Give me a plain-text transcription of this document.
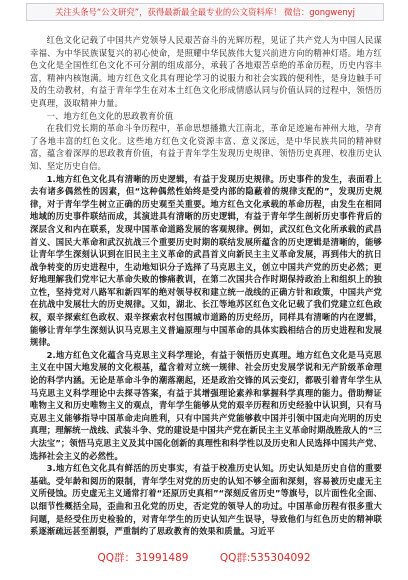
关注头条号“公文研究”，获得最新最全最专业的公文资料库！ 微信：gongwenyj

红色文化记载了中国共产党领导人民艰苦奋斗的光辉历程，见证了共产党人为中国人民谋幸福、为中华民族谋复兴的初心使命，是照耀中华民族伟大复兴前进方向的精神灯塔。地方红色文化是全国性红色文化不可分割的组成部分，承载了各地艰苦卓绝的革命历程，历史内容丰富，精神内核饱满。地方红色文化具有理论学习的说服力和社会实践的便利性，是身边触手可及的生动教材，有益于青年学生在对本土红色文化形成情感认同与价值认同的过程中，领悟历史真理，汲取精神力量。

一、地方红色文化的思政教育价值

在我们党长期的革命斗争历程中，革命思想播撒大江南北，革命足迹遍布神州大地，孕育了各地丰富的红色文化。这些地方红色文化资源丰富、意义深远，是中华民族共同的精神财富，蕴含着深厚的思政教育价值，有益于青年学生发现历史规律、领悟历史真理、校准历史认知、坚定历史自信。

1.地方红色文化具有清晰的历史逻辑，有益于发现历史规律。历史事件的发生，表面看上去有诸多偶然性的因素，但“这种偶然性始终是受内部的隐蔽着的规律支配的”，发现历史规律，对于青年学生树立正确的历史观至关重要。地方红色文化承载的革命历程，由发生在相同地域的历史事件联结而成，其演进具有清晰的历史逻辑，有益于青年学生剖析历史事件背后的深层含义和内在联系，发现中国革命道路发展的客观规律。例如，武汉红色文化所承载的武昌首义、国民大革命和武汉抗战三个重要历史时期的联结发展所蕴含的历史逻辑是清晰的，能够让青年学生深刻认识到在旧民主主义革命的武昌首义向新民主主义革命发展，再到伟大的抗日战争转变的历史进程中，生动地知识分子选择了马克思主义，创立中国共产党的历史必然；更好地理解我们党牢记大革命失败的惨痛教训，在第二次国共合作时期保持政治上和组织上的独立性，坚持党对八路军和新四军的绝对领导权和建立统一战线的正确方针和政策，中国共产党在抗战中发展壮大的历史规律。又如，湖北、长江等地苏区红色文化记载了我们党建立红色政权，艰辛探索红色政权、艰辛探索农村包围城市道路的历史经历，同样具有清晰的内在逻辑，能够让青年学生深刻认识马克思主义普遍原理与中国革命的具体实践相结合的历史进程和发展规律。

2.地方红色文化蕴含马克思主义科学理论，有益于领悟历史真理。地方红色文化是马克思主义在中国大地发展的文化根基，蕴含着对立统一规律、社会历史发展学说和无产阶级革命理论的科学内涵。无论是革命斗争的潮落潮起，还是政治交锋的风云变幻，都吸引着青年学生从马克思主义科学理论中去探寻答案，有益于其增强理论素养和掌握科学真理的能力。借助辩证唯物主义和历史唯物主义的观点，青年学生能够从党的艰辛历程和历史经验中认识到，只有马克思主义能够指导中国革命走向胜利，只有中国共产党能够救中国并引领中国走向光明的历史真理；理解统一战线、武装斗争、党的建设是中国共产党在新民主主义革命时期战胜敌人的“三大法宝”；领悟马克思主义及其中国化创新的真理性和科学性以及历史和人民选择中国共产党、选择社会主义的必然性。

3.地方红色文化具有鲜活的历史事实，有益于校准历史认知。历史认知是历史自信的重要基础。受年龄和阅历的限制，青年学生对党的历史的认知不够全面和深刻，容易被历史虚无主义所侵蚀。历史虚无主义通常打着“还原历史真相”“深刻反省历史”等旗号，以片面性化全面、以细节性概括全局，歪曲和丑化党的历史，否定党的领导人的功过。中国革命历程有很多重大问题，是经受住历史检验的，对青年学生的历史认知产生误导，导致他们与红色历史的精神联系逐渐疏远甚至割裂，严重制约了思政教育的效果和质量。习近平

QQ群：31991489	QQ群:535304092
